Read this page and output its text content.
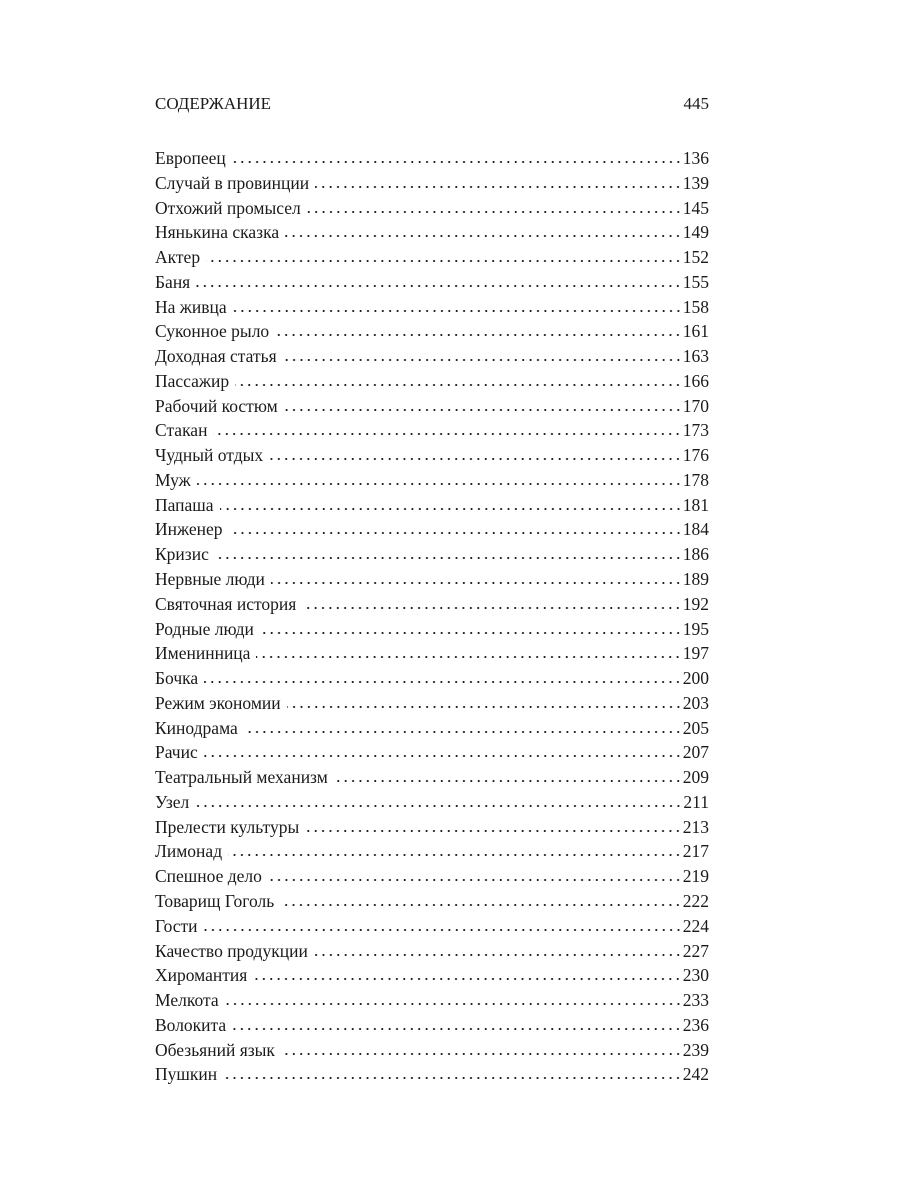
СОДЕРЖАНИЕ	445
Европеец	136
Случай в провинции	139
Отхожий промысел	145
Нянькина сказка	149
Актер	152
Баня	155
На живца	158
Суконное рыло	161
Доходная статья	163
Пассажир	166
Рабочий костюм	170
Стакан	173
Чудный отдых	176
Муж	178
Папаша	181
Инженер	184
Кризис	186
Нервные люди	189
Святочная история	192
Родные люди	195
Именинница	197
Бочка	200
Режим экономии	203
Кинодрама	205
Рачис	207
Театральный механизм	209
Узел	211
Прелести культуры	213
Лимонад	217
Спешное дело	219
Товарищ Гоголь	222
Гости	224
Качество продукции	227
Хиромантия	230
Мелкота	233
Волокита	236
Обезьяний язык	239
Пушкин	242
